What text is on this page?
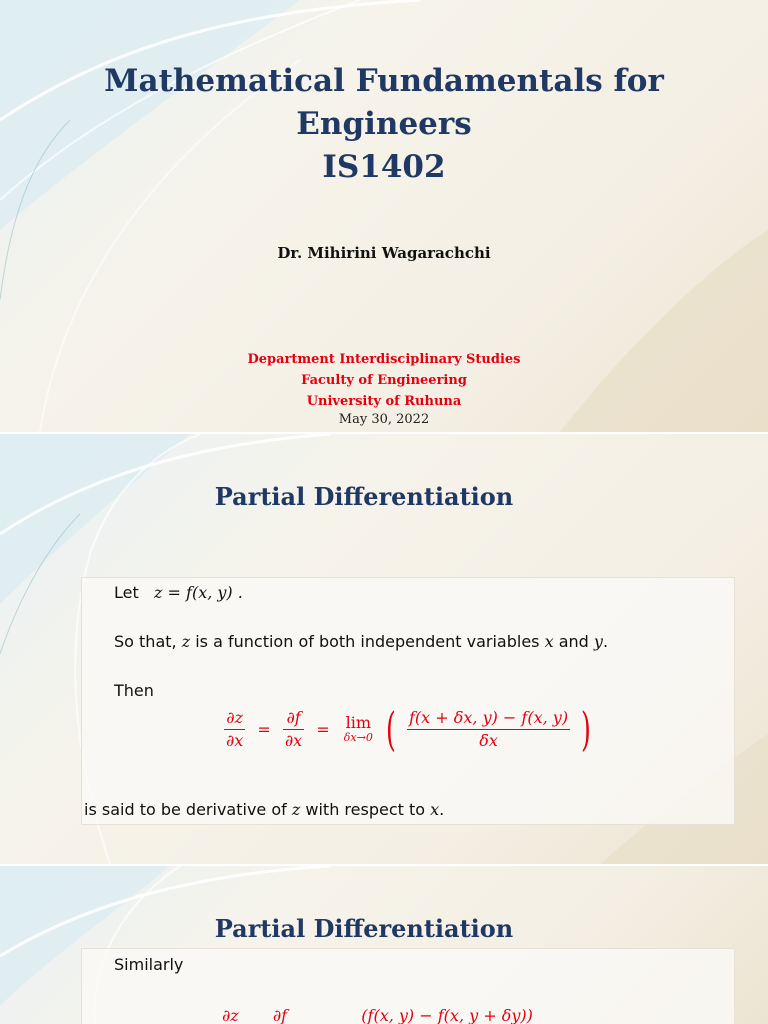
Mathematical Fundamentals for
Engineers
IS1402
Dr. Mihirini Wagarachchi
Department Interdisciplinary Studies
Faculty of Engineering
University of Ruhuna
May 30, 2022
Partial Differentiation
Let z = f(x, y) .
So that, z is a function of both independent variables x and y.
Then
$\frac{\partial z}{\partial x} = \frac{\partial f}{\partial x} = \lim$
δx→0 ( $\frac{f(x + \delta x, y) - f(x, y)}{\delta x}$ )
is said to be derivative of z with respect to x.
Partial Differentiation
Similarly
∂z ∂f	(f(x, y) − f(x, y + δy))
